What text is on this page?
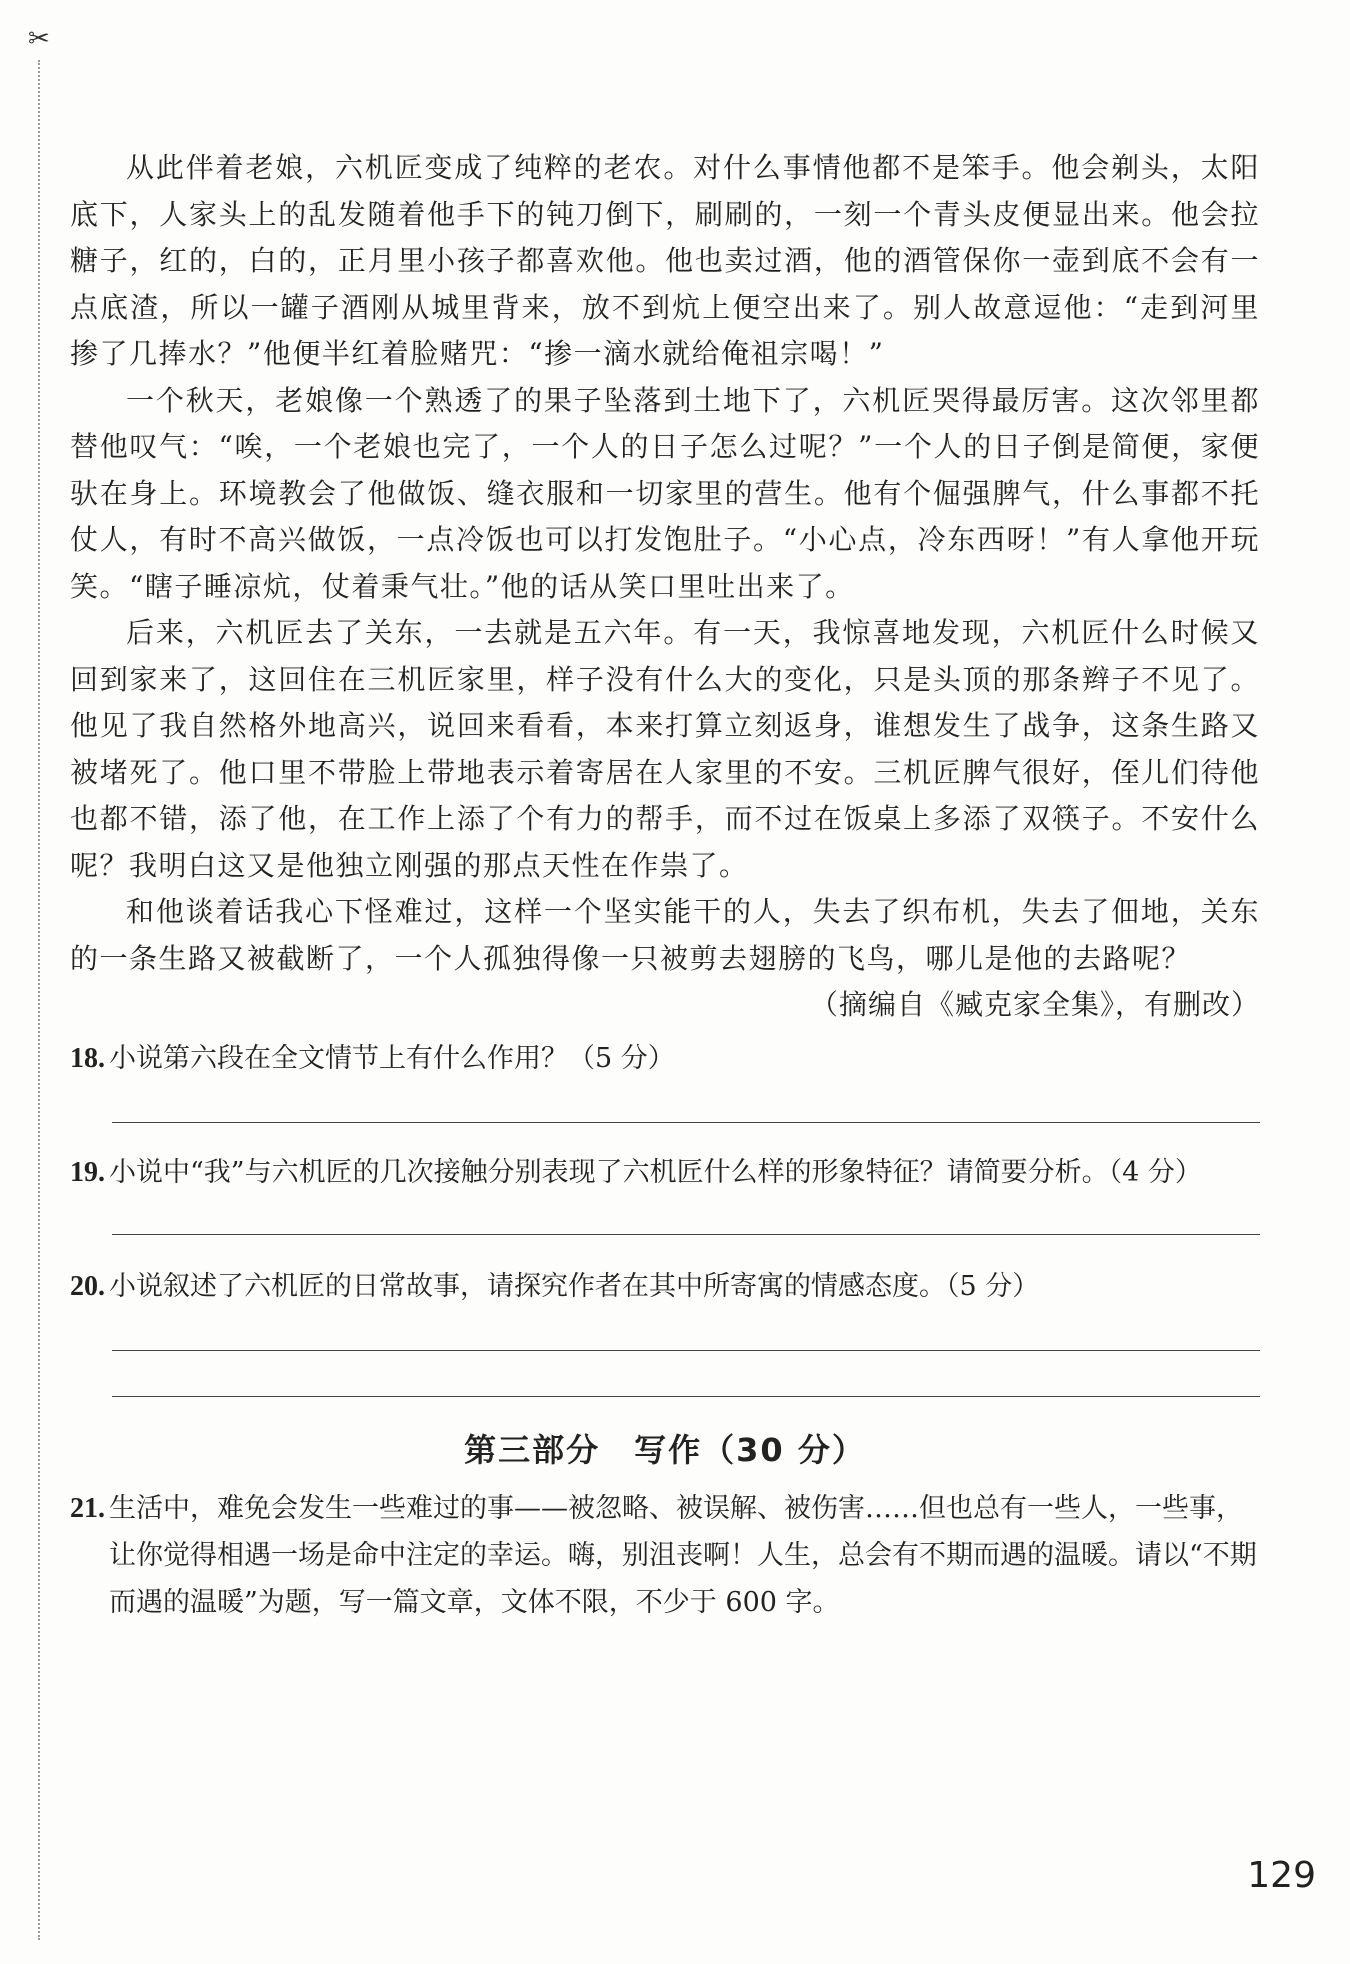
✂

从此伴着老娘，六机匠变成了纯粹的老农。对什么事情他都不是笨手。他会剃头，太阳底下，人家头上的乱发随着他手下的钝刀倒下，刷刷的，一刻一个青头皮便显出来。他会拉糖子，红的，白的，正月里小孩子都喜欢他。他也卖过酒，他的酒管保你一壶到底不会有一点底渣，所以一罐子酒刚从城里背来，放不到炕上便空出来了。别人故意逗他：“走到河里掺了几捧水？”他便半红着脸赌咒：“掺一滴水就给俺祖宗喝！”

一个秋天，老娘像一个熟透了的果子坠落到土地下了，六机匠哭得最厉害。这次邻里都替他叹气：“唉，一个老娘也完了，一个人的日子怎么过呢？”一个人的日子倒是简便，家便驮在身上。环境教会了他做饭、缝衣服和一切家里的营生。他有个倔强脾气，什么事都不托仗人，有时不高兴做饭，一点冷饭也可以打发饱肚子。“小心点，冷东西呀！”有人拿他开玩笑。“瞎子睡凉炕，仗着秉气壮。”他的话从笑口里吐出来了。

后来，六机匠去了关东，一去就是五六年。有一天，我惊喜地发现，六机匠什么时候又回到家来了，这回住在三机匠家里，样子没有什么大的变化，只是头顶的那条辫子不见了。他见了我自然格外地高兴，说回来看看，本来打算立刻返身，谁想发生了战争，这条生路又被堵死了。他口里不带脸上带地表示着寄居在人家里的不安。三机匠脾气很好，侄儿们待他也都不错，添了他，在工作上添了个有力的帮手，而不过在饭桌上多添了双筷子。不安什么呢？我明白这又是他独立刚强的那点天性在作祟了。

和他谈着话我心下怪难过，这样一个坚实能干的人，失去了织布机，失去了佃地，关东的一条生路又被截断了，一个人孤独得像一只被剪去翅膀的飞鸟，哪儿是他的去路呢？

（摘编自《臧克家全集》，有删改）

18. 小说第六段在全文情节上有什么作用？（5 分）
19. 小说中“我”与六机匠的几次接触分别表现了六机匠什么样的形象特征？请简要分析。（4 分）
20. 小说叙述了六机匠的日常故事，请探究作者在其中所寄寓的情感态度。（5 分）

第三部分　写作（30 分）

21. 生活中，难免会发生一些难过的事——被忽略、被误解、被伤害……但也总有一些人，一些事，让你觉得相遇一场是命中注定的幸运。嗨，别沮丧啊！人生，总会有不期而遇的温暖。请以“不期而遇的温暖”为题，写一篇文章，文体不限，不少于 600 字。
129
